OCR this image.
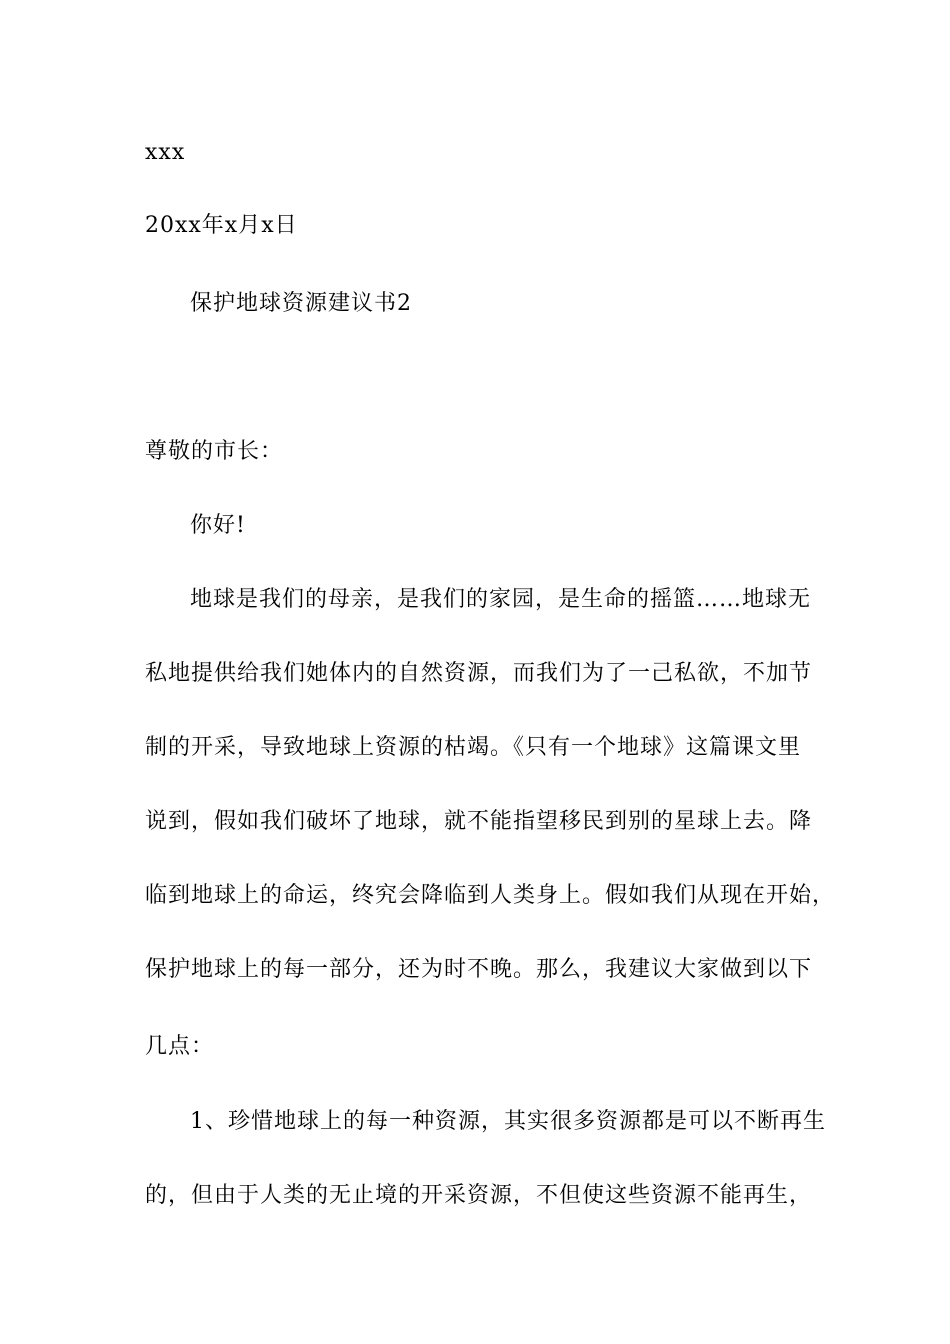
xxx
20xx年x月x日
保护地球资源建议书2
尊敬的市长：
你好!
地球是我们的母亲，是我们的家园，是生命的摇篮……地球无
私地提供给我们她体内的自然资源，而我们为了一己私欲，不加节
制的开采，导致地球上资源的枯竭。《只有一个地球》这篇课文里
说到，假如我们破坏了地球，就不能指望移民到别的星球上去。降
临到地球上的命运，终究会降临到人类身上。假如我们从现在开始，
保护地球上的每一部分，还为时不晚。那么，我建议大家做到以下
几点：
1、珍惜地球上的每一种资源，其实很多资源都是可以不断再生
的，但由于人类的无止境的开采资源，不但使这些资源不能再生，
